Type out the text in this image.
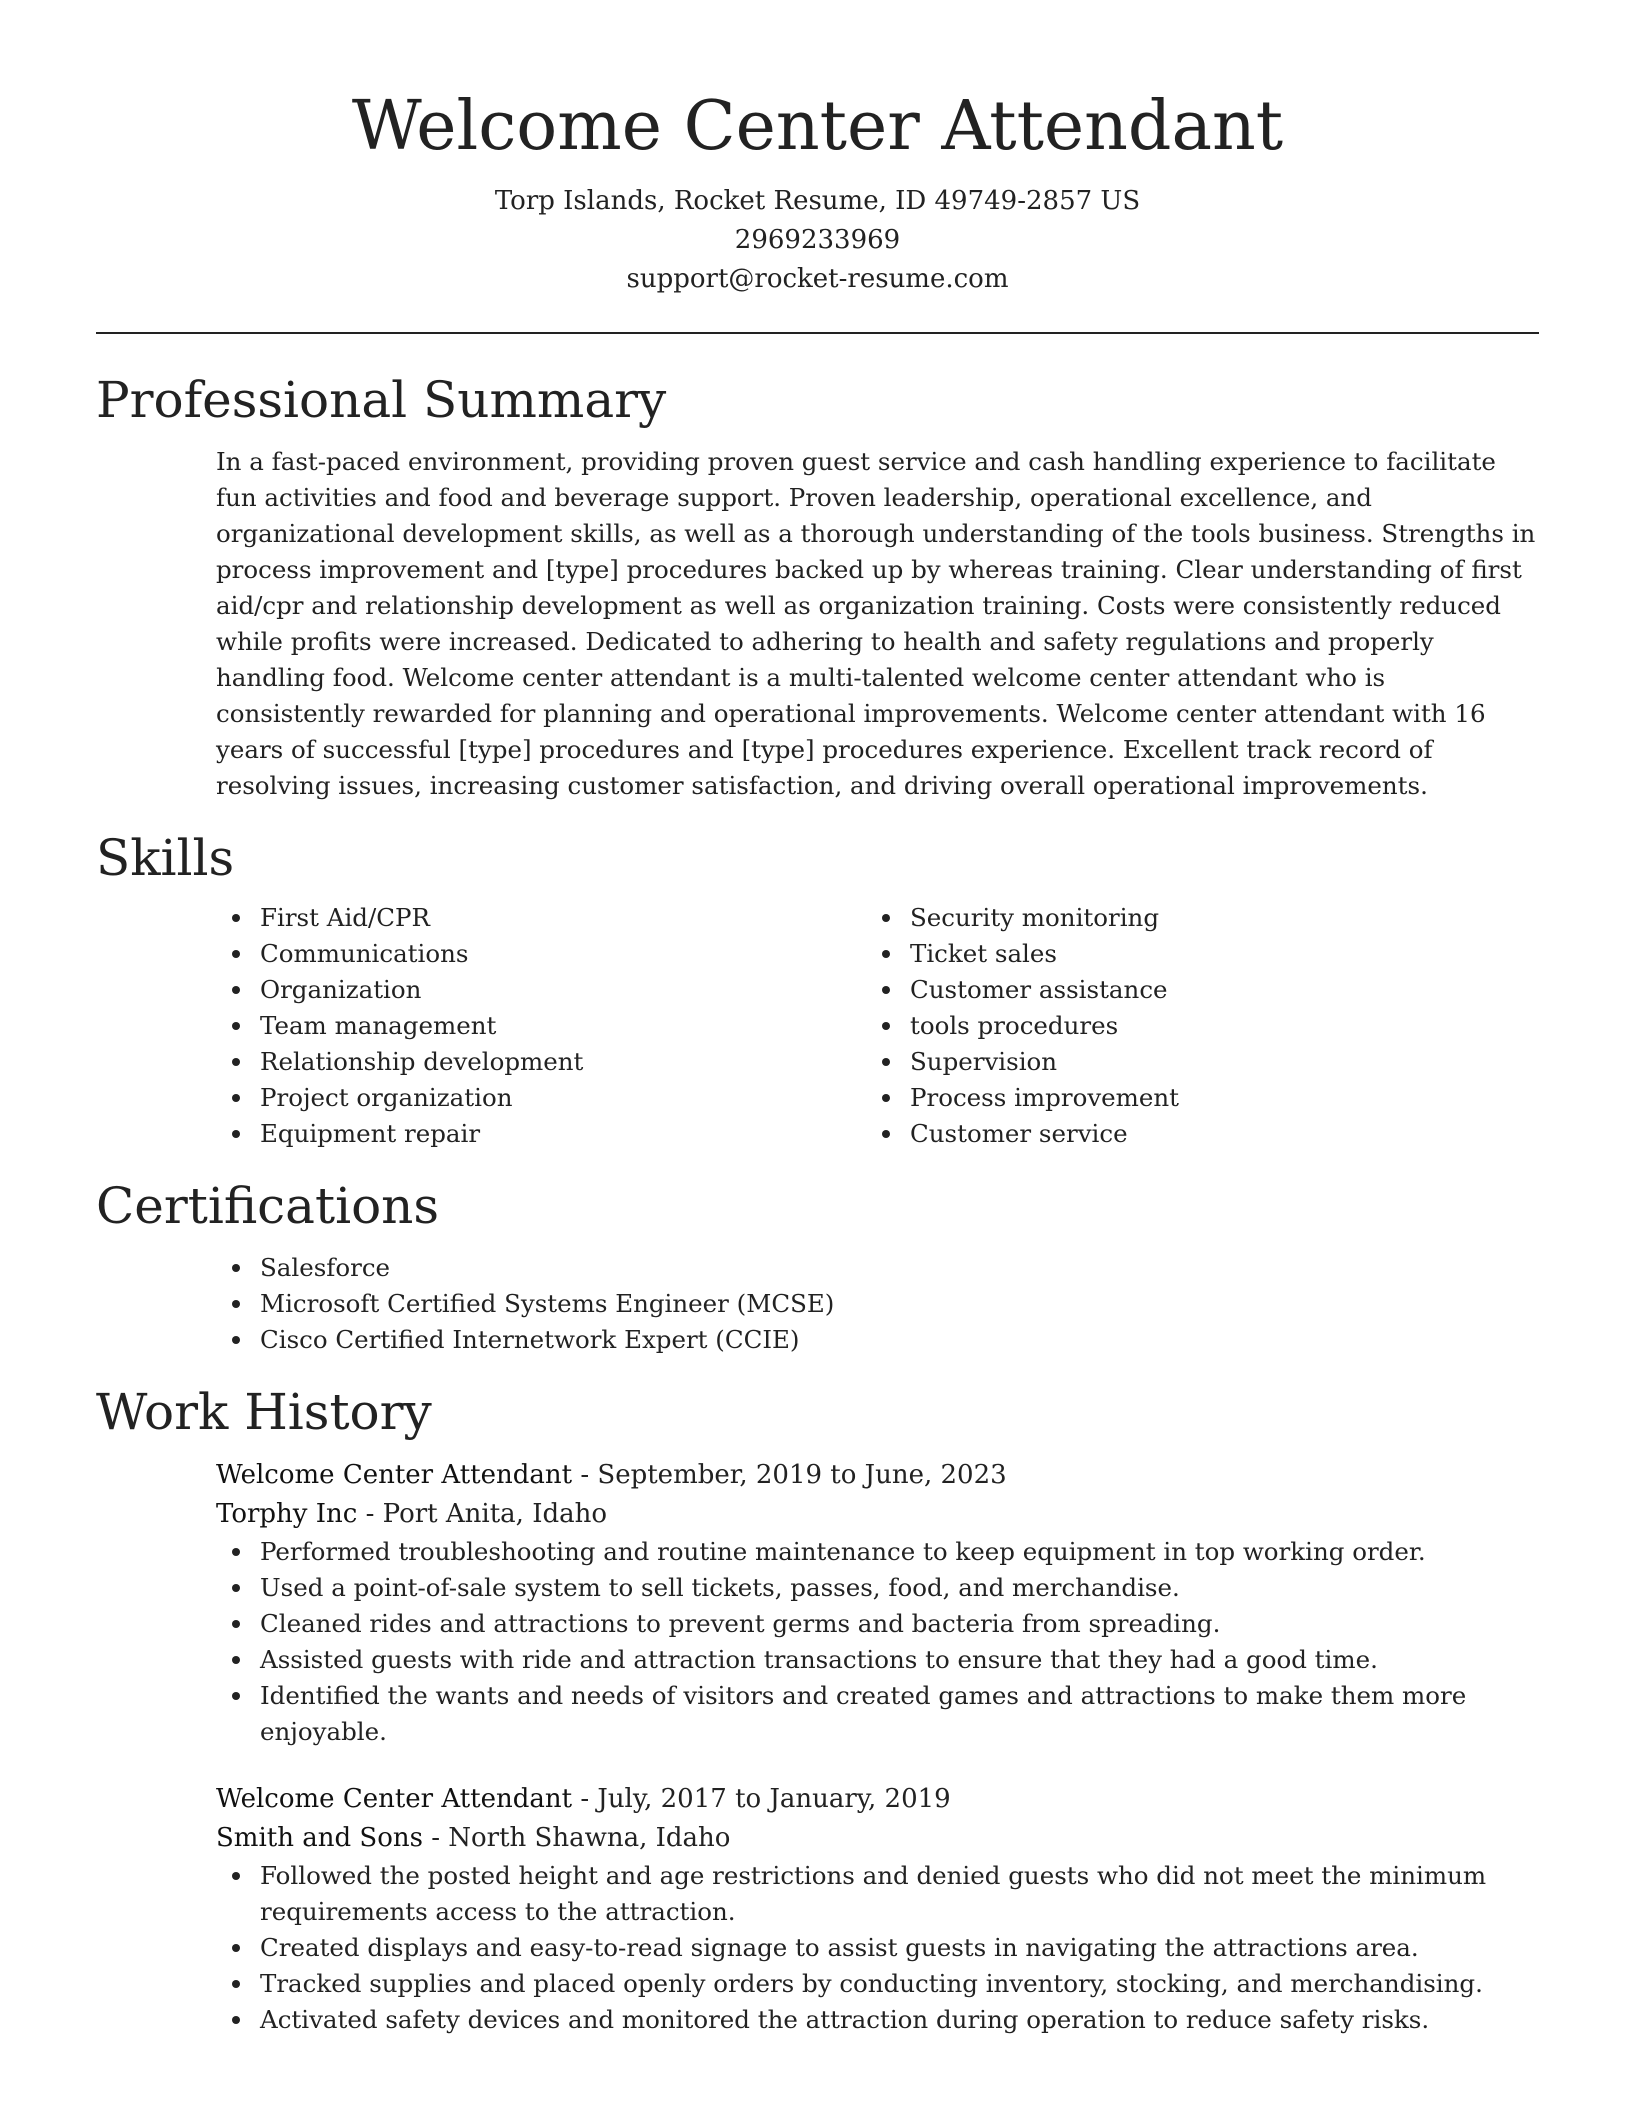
Welcome Center Attendant
Torp Islands, Rocket Resume, ID 49749-2857 US
2969233969
support@rocket-resume.com
Professional Summary
In a fast-paced environment, providing proven guest service and cash handling experience to facilitate fun activities and food and beverage support. Proven leadership, operational excellence, and organizational development skills, as well as a thorough understanding of the tools business. Strengths in process improvement and [type] procedures backed up by whereas training. Clear understanding of first aid/cpr and relationship development as well as organization training. Costs were consistently reduced while profits were increased. Dedicated to adhering to health and safety regulations and properly handling food. Welcome center attendant is a multi-talented welcome center attendant who is consistently rewarded for planning and operational improvements. Welcome center attendant with 16 years of successful [type] procedures and [type] procedures experience. Excellent track record of resolving issues, increasing customer satisfaction, and driving overall operational improvements.
Skills
First Aid/CPR
Communications
Organization
Team management
Relationship development
Project organization
Equipment repair
Security monitoring
Ticket sales
Customer assistance
tools procedures
Supervision
Process improvement
Customer service
Certifications
Salesforce
Microsoft Certified Systems Engineer (MCSE)
Cisco Certified Internetwork Expert (CCIE)
Work History
Welcome Center Attendant - September, 2019 to June, 2023
Torphy Inc - Port Anita, Idaho
Performed troubleshooting and routine maintenance to keep equipment in top working order.
Used a point-of-sale system to sell tickets, passes, food, and merchandise.
Cleaned rides and attractions to prevent germs and bacteria from spreading.
Assisted guests with ride and attraction transactions to ensure that they had a good time.
Identified the wants and needs of visitors and created games and attractions to make them more enjoyable.
Welcome Center Attendant - July, 2017 to January, 2019
Smith and Sons - North Shawna, Idaho
Followed the posted height and age restrictions and denied guests who did not meet the minimum requirements access to the attraction.
Created displays and easy-to-read signage to assist guests in navigating the attractions area.
Tracked supplies and placed openly orders by conducting inventory, stocking, and merchandising.
Activated safety devices and monitored the attraction during operation to reduce safety risks.
